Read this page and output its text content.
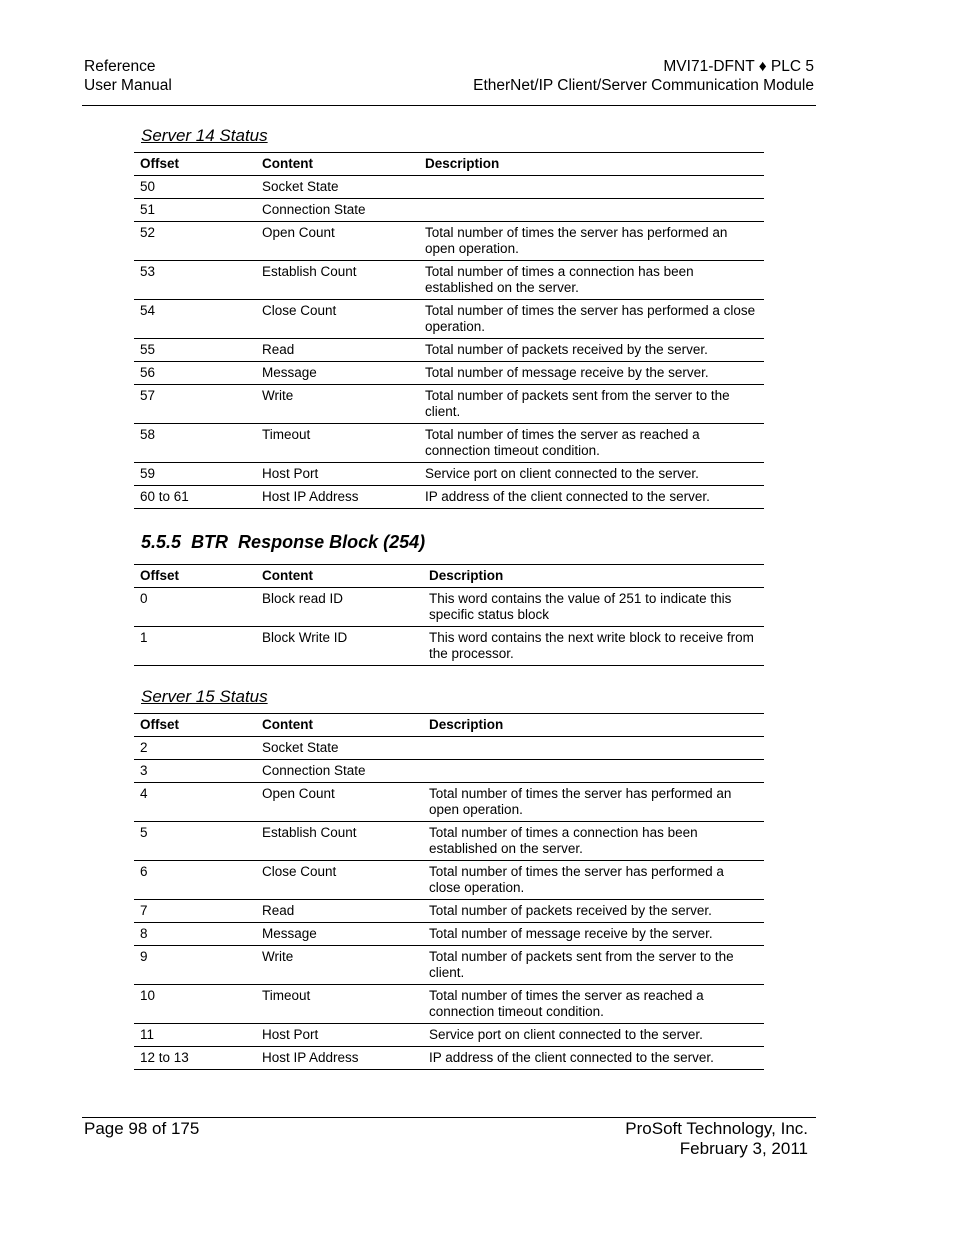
Reference
User Manual
MVI71-DFNT ♦ PLC 5
EtherNet/IP Client/Server Communication Module
Server 14 Status
Offset	Content	Description
50	Socket State	
51	Connection State	
52	Open Count	Total number of times the server has performed an open operation.
53	Establish Count	Total number of times a connection has been established on the server.
54	Close Count	Total number of times the server has performed a close operation.
55	Read	Total number of packets received by the server.
56	Message	Total number of message receive by the server.
57	Write	Total number of packets sent from the server to the client.
58	Timeout	Total number of times the server as reached a connection timeout condition.
59	Host Port	Service port on client connected to the server.
60 to 61	Host IP Address	IP address of the client connected to the server.
5.5.5 BTR  Response Block (254)
Offset	Content	Description
0	Block read ID	This word contains the value of 251 to indicate this specific status block
1	Block Write ID	This word contains the next write block to receive from the processor.
Server 15 Status
Offset	Content	Description
2	Socket State	
3	Connection State	
4	Open Count	Total number of times the server has performed an open operation.
5	Establish Count	Total number of times a connection has been established on the server.
6	Close Count	Total number of times the server has performed a close operation.
7	Read	Total number of packets received by the server.
8	Message	Total number of message receive by the server.
9	Write	Total number of packets sent from the server to the client.
10	Timeout	Total number of times the server as reached a connection timeout condition.
11	Host Port	Service port on client connected to the server.
12 to 13	Host IP Address	IP address of the client connected to the server.
Page 98 of 175	ProSoft Technology, Inc.
February 3, 2011
